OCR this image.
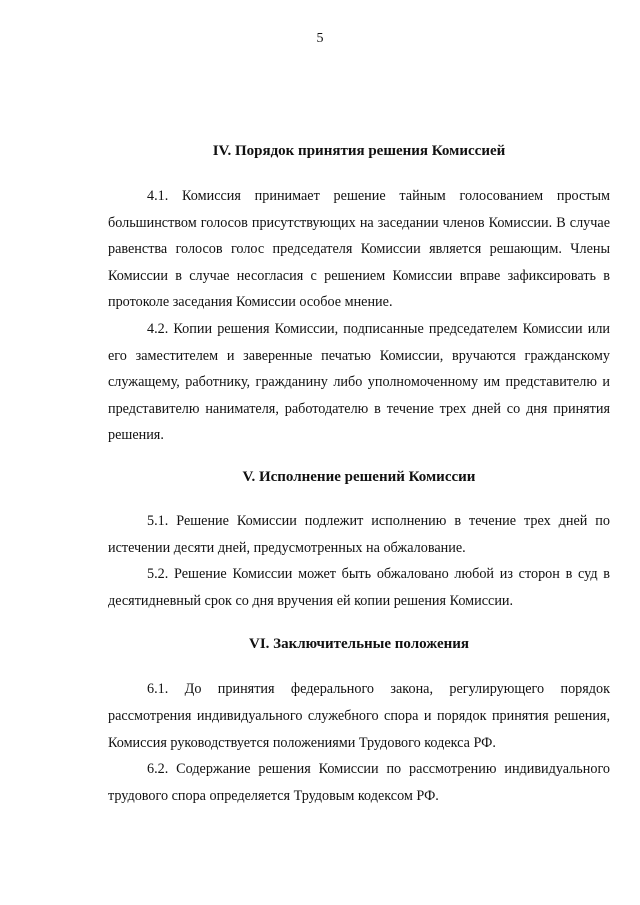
5
IV. Порядок принятия решения Комиссией

4.1. Комиссия принимает решение тайным голосованием простым большинством голосов присутствующих на заседании членов Комиссии. В случае равенства голосов голос председателя Комиссии является решающим. Члены Комиссии в случае несогласия с решением Комиссии вправе зафиксировать в протоколе заседания Комиссии особое мнение.

4.2. Копии решения Комиссии, подписанные председателем Комиссии или его заместителем и заверенные печатью Комиссии, вручаются гражданскому служащему, работнику, гражданину либо уполномоченному им представителю и представителю нанимателя, работодателю в течение трех дней со дня принятия решения.

V. Исполнение решений Комиссии

5.1. Решение Комиссии подлежит исполнению в течение трех дней по истечении десяти дней, предусмотренных на обжалование.

5.2. Решение Комиссии может быть обжаловано любой из сторон в суд в десятидневный срок со дня вручения ей копии решения Комиссии.

VI. Заключительные положения

6.1. До принятия федерального закона, регулирующего порядок рассмотрения индивидуального служебного спора и порядок принятия решения, Комиссия руководствуется положениями Трудового кодекса РФ.

6.2. Содержание решения Комиссии по рассмотрению индивидуального трудового спора определяется Трудовым кодексом РФ.
